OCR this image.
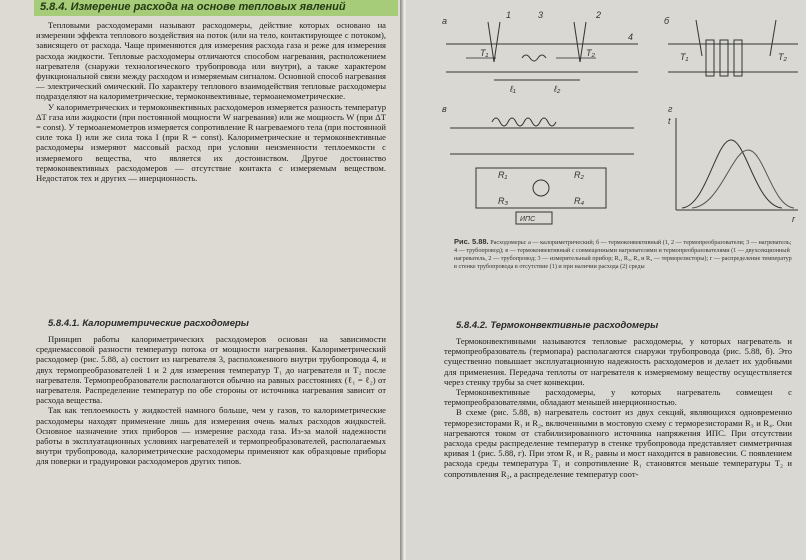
5.8.4. Измерение расхода на основе тепловых явлений

Тепловыми расходомерами называют расходомеры, действие которых основано на измерении эффекта теплового воздействия на поток (или на тело, контактирующее с потоком), зависящего от расхода. Чаще применяются для измерения расхода газа и реже для измерения расхода жидкости. Тепловые расходомеры отличаются способом нагревания, расположением нагревателя (снаружи технологического трубопровода или внутри), а также характером функциональной связи между расходом и измеряемым сигналом. Основной способ нагревания — электрический омический. По характеру теплового взаимодействия тепловые расходомеры подразделяют на калориметрические, термоконвективные, термоанемометрические.

У калориметрических и термоконвективных расходомеров измеряется разность температур ΔT газа или жидкости (при постоянной мощности W нагревания) или же мощность W (при ΔT = const). У термоанемометров измеряется сопротивление R нагреваемого тела (при постоянной силе тока I) или же сила тока I (при R = const). Калориметрические и термоконвективные расходомеры измеряют массовый расход при условии неизменности теплоемкости c измеряемого вещества, что является их достоинством. Другое достоинство термоконвективных расходомеров — отсутствие контакта с измеряемым веществом. Недостаток тех и других — инерционность.

5.8.4.1. Калориметрические расходомеры

Принцип работы калориметрических расходомеров основан на зависимости среднемассовой разности температур потока от мощности нагревания. Калориметрический расходомер (рис. 5.88, а) состоит из нагревателя 3, расположенного внутри трубопровода 4, и двух термопреобразователей 1 и 2 для измерения температур T₁ до нагревателя и T₂ после нагревателя. Термопреобразователи располагаются обычно на равных расстояниях (ℓ₁ = ℓ₂) от нагревателя. Распределение температур по обе стороны от источника нагревания зависит от расхода вещества.

Так как теплоемкость у жидкостей намного больше, чем у газов, то калориметрические расходомеры находят применение лишь для измерения очень малых расходов жидкостей. Основное назначение этих приборов — измерение расхода газа. Из-за малой надежности работы в эксплуатационных условиях нагревателей и термопреобразователей, располагаемых внутри трубопровода, калориметрические расходомеры применяют как образцовые приборы для поверки и градуировки расходомеров других типов.

а
T₁	T₂
1	2
3
4
ℓ₁	ℓ₂
б
T₁	T₂
в
ИПС
R₁	R₂
R₃	R₄
г
t
r
Рис. 5.88. Расходомеры: а — калориметрический; б — термоконвективный (1, 2 — термопреобразователи; 3 — нагреватель; 4 — трубопровод); в — термоконвективный с совмещенными нагревателями и термопреобразователями (1 — двухсекционный нагреватель, 2 — трубопровод; 3 — измерительный прибор; R₁, R₂, R₃ и R₄ — терморезисторы); г — распределение температур в стенке трубопровода в отсутствие (1) и при наличии расхода (2) среды
5.8.4.2. Термоконвективные расходомеры

Термоконвективными называются тепловые расходомеры, у которых нагреватель и термопреобразователь (термопара) располагаются снаружи трубопровода (рис. 5.88, б). Это существенно повышает эксплуатационную надежность расходомеров и делает их удобными для применения. Передача теплоты от нагревателя к измеряемому веществу осуществляется через стенку трубы за счет конвекции.

Термоконвективные расходомеры, у которых нагреватель совмещен с термопреобразователями, обладают меньшей инерционностью.

В схеме (рис. 5.88, в) нагреватель состоит из двух секций, являющихся одновременно терморезисторами R₁ и R₂, включенными в мостовую схему с терморезисторами R₃ и R₄. Они нагреваются током от стабилизированного источника напряжения ИПС. При отсутствии расхода среды распределение температур в стенке трубопровода представляет симметричная кривая 1 (рис. 5.88, г). При этом R₁ и R₂ равны и мост находится в равновесии. С появлением расхода среды температура T₁ и сопротивление R₁ становятся меньше температуры T₂ и сопротивления R₂, а распределение температур соот-
